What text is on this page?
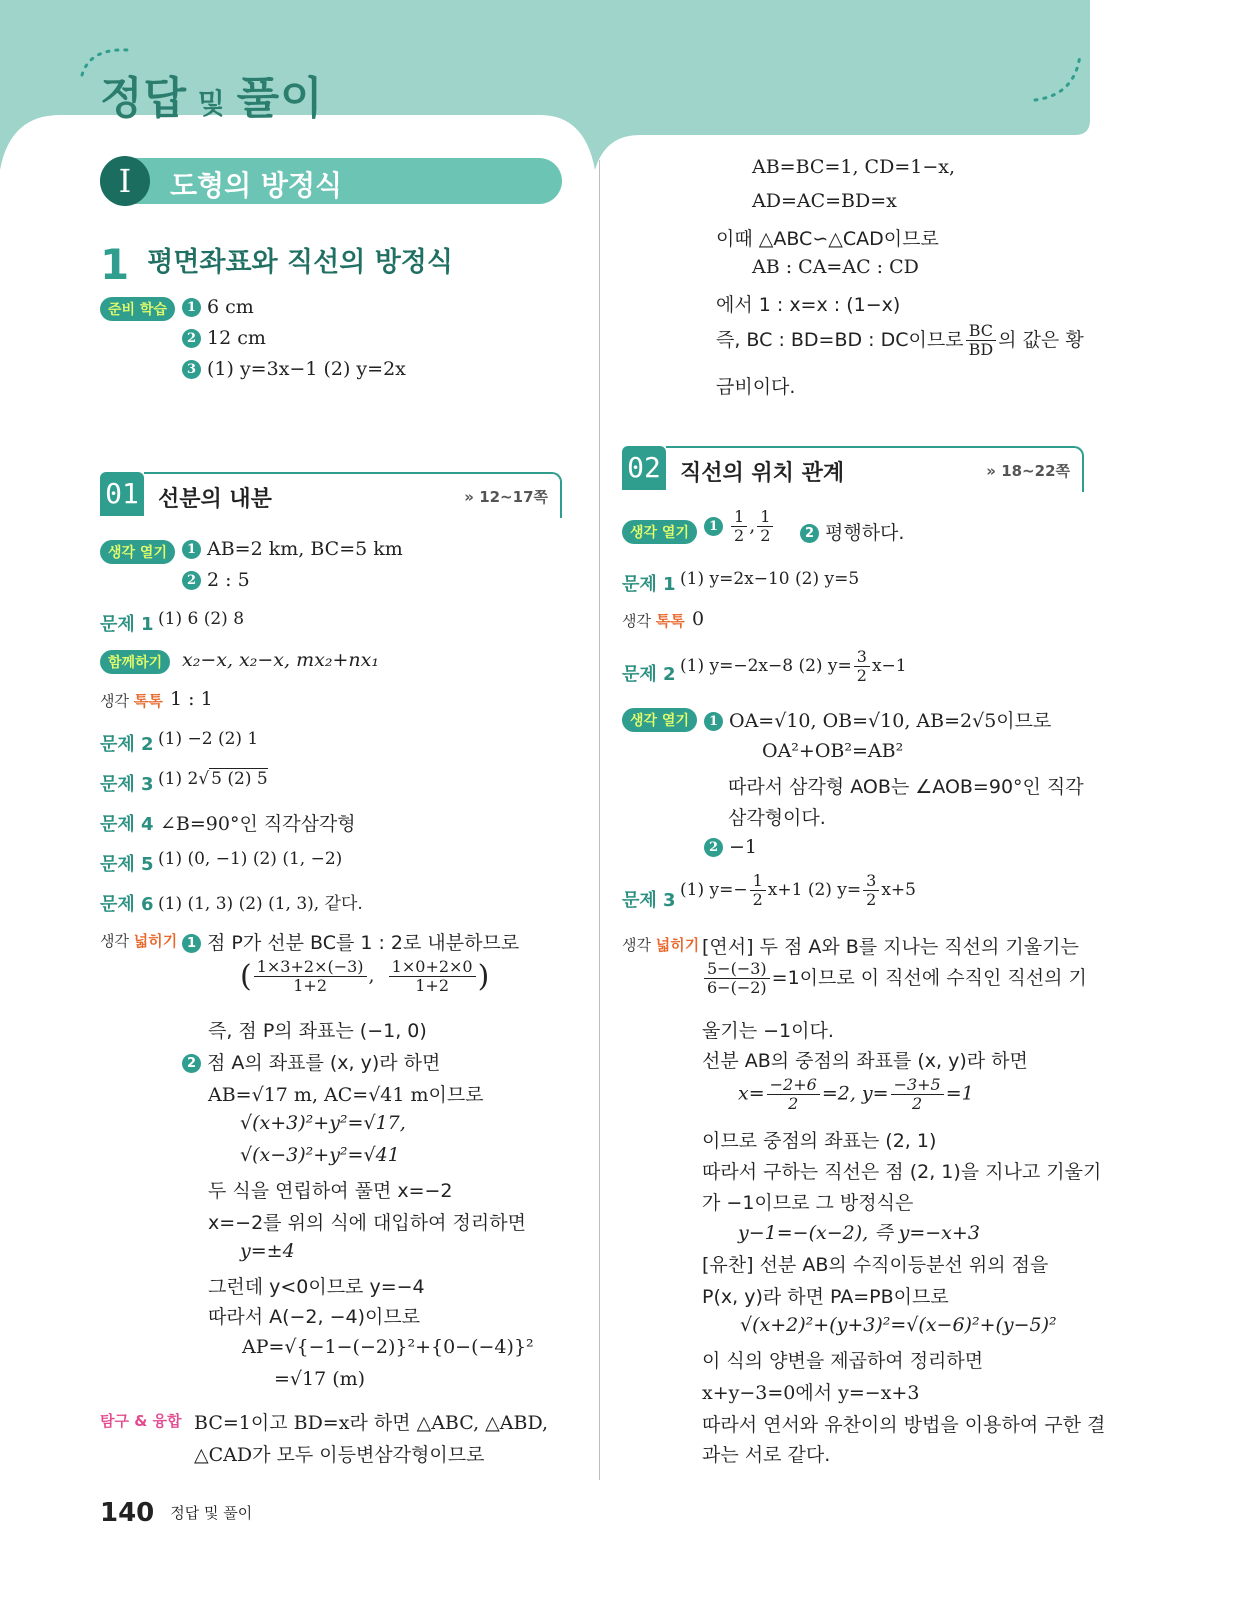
정답 및 풀이
I	도형의 방정식
1 평면좌표와 직선의 방정식
준비 학습	1 6 cm
2 12 cm
3 (1) y=3x−1 (2) y=2x
01 선분의 내분	» 12~17쪽
생각 열기	1 AB=2 km, BC=5 km
2 2 : 5
문제 1 (1) 6 (2) 8
함께하기	x₂−x, x₂−x, mx₂+nx₁
생각 톡톡 1 : 1
문제 2 (1) −2 (2) 1
문제 3 (1) 2√ 5 (2) 5
문제 4 ∠B=90°인 직각삼각형
문제 5 (1) (0, −1) (2) (1, −2)
문제 6 (1) (1, 3) (2) (1, 3), 같다.
생각 넓히기 1 점 P가 선분 BC를 1 : 2로 내분하므로
( $\frac{1\times 3+2\times(-3)}{1+2}$ , $\frac{1\times 0+2\times 0}{1+2}$ )
즉, 점 P의 좌표는 (−1, 0)
2 점 A의 좌표를 (x, y)라 하면
AB=√17 m, AC=√41 m이므로
√(x+3)²+y²=√17,
√(x−3)²+y²=√41
두 식을 연립하여 풀면 x=−2
x=−2를 위의 식에 대입하여 정리하면
y=±4
그런데 y<0이므로 y=−4
따라서 A(−2, −4)이므로
AP=√{−1−(−2)}²+{0−(−4)}²
=√17 (m)
탐구 & 융합 BC=1이고 BD=x라 하면 △ABC, △ABD,
△CAD가 모두 이등변삼각형이므로
AB=BC=1, CD=1−x,
AD=AC=BD=x
이때 △ABC∽△CAD이므로
AB : CA=AC : CD
에서 1 : x=x : (1−x)
즉, BC : BD=BD : DC이므로 $\frac{BC}{BD}$ 의 값은 황
금비이다.
02 직선의 위치 관계	» 18~22쪽
생각 열기	$1 \frac{1}{2}$ , $\frac{1}{2}$	2 평행하다.
문제 1 (1) y=2x−10 (2) y=5
생각 톡톡 0
문제 2 (1) y=−2x−8 (2) $y= \frac{3}{2} x-1$
생각 열기	1 OA=√10, OB=√10, AB=2√5이므로
OA²+OB²=AB²
따라서 삼각형 AOB는 ∠AOB=90°인 직각
삼각형이다.
2 −1
문제 3 (1) $y=- \frac{1}{2} x+1$ (2) $y= \frac{3}{2} x+5$
생각 넓히기 [연서] 두 점 A와 B를 지나는 직선의 기울기는
$\frac{5-(-3)}{6-(-2)} =1$이므로 이 직선에 수직인 직선의 기
울기는 −1이다.
선분 AB의 중점의 좌표를 (x, y)라 하면
$x= \frac{-2+6}{2} =2$, $y= \frac{-3+5}{2} =1$
이므로 중점의 좌표는 (2, 1)
따라서 구하는 직선은 점 (2, 1)을 지나고 기울기
가 −1이므로 그 방정식은
y−1=−(x−2), 즉 y=−x+3
[유찬] 선분 AB의 수직이등분선 위의 점을
P(x, y)라 하면 PA=PB이므로
√(x+2)²+(y+3)²=√(x−6)²+(y−5)²
이 식의 양변을 제곱하여 정리하면
x+y−3=0에서 y=−x+3
따라서 연서와 유찬이의 방법을 이용하여 구한 결
과는 서로 같다.
140 정답 및 풀이
